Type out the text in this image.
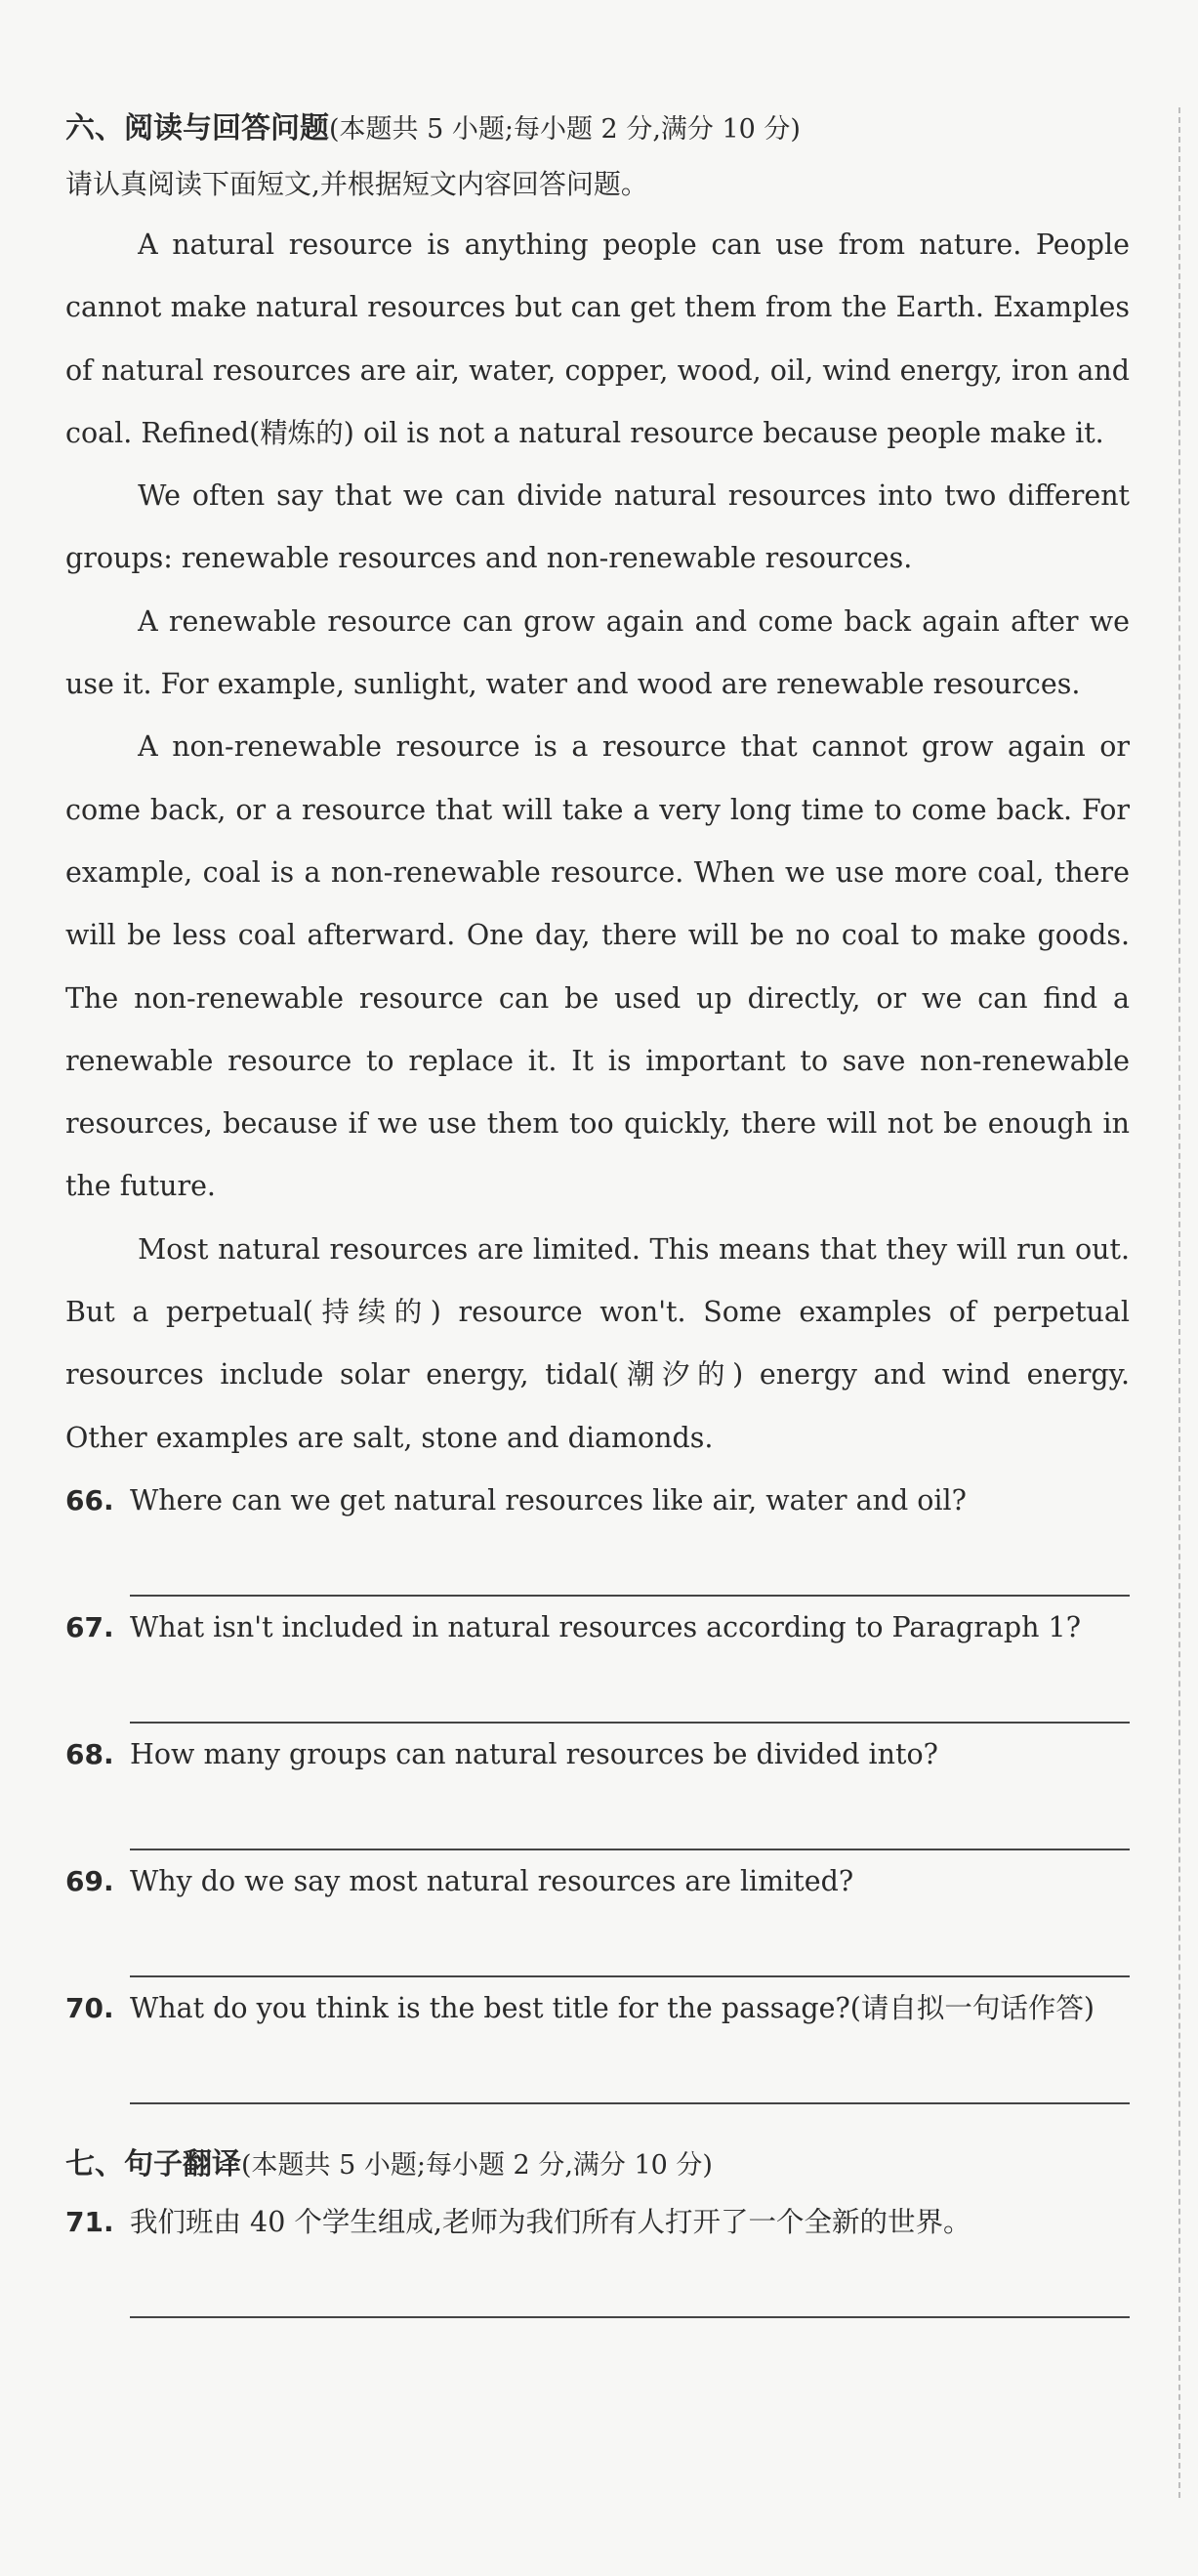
六、阅读与回答问题(本题共 5 小题;每小题 2 分,满分 10 分)

请认真阅读下面短文,并根据短文内容回答问题。

A natural resource is anything people can use from nature. People cannot make natural resources but can get them from the Earth. Examples of natural resources are air, water, copper, wood, oil, wind energy, iron and coal. Refined(精炼的) oil is not a natural resource because people make it.

We often say that we can divide natural resources into two different groups: renewable resources and non-renewable resources.

A renewable resource can grow again and come back again after we use it. For example, sunlight, water and wood are renewable resources.

A non-renewable resource is a resource that cannot grow again or come back, or a resource that will take a very long time to come back. For example, coal is a non-renewable resource. When we use more coal, there will be less coal afterward. One day, there will be no coal to make goods. The non-renewable resource can be used up directly, or we can find a renewable resource to replace it. It is important to save non-renewable resources, because if we use them too quickly, there will not be enough in the future.

Most natural resources are limited. This means that they will run out. But a perpetual(持续的) resource won't. Some examples of perpetual resources include solar energy, tidal(潮汐的) energy and wind energy. Other examples are salt, stone and diamonds.

66. Where can we get natural resources like air, water and oil?
67. What isn't included in natural resources according to Paragraph 1?
68. How many groups can natural resources be divided into?
69. Why do we say most natural resources are limited?
70. What do you think is the best title for the passage?(请自拟一句话作答)

七、句子翻译(本题共 5 小题;每小题 2 分,满分 10 分)

71. 我们班由 40 个学生组成,老师为我们所有人打开了一个全新的世界。
